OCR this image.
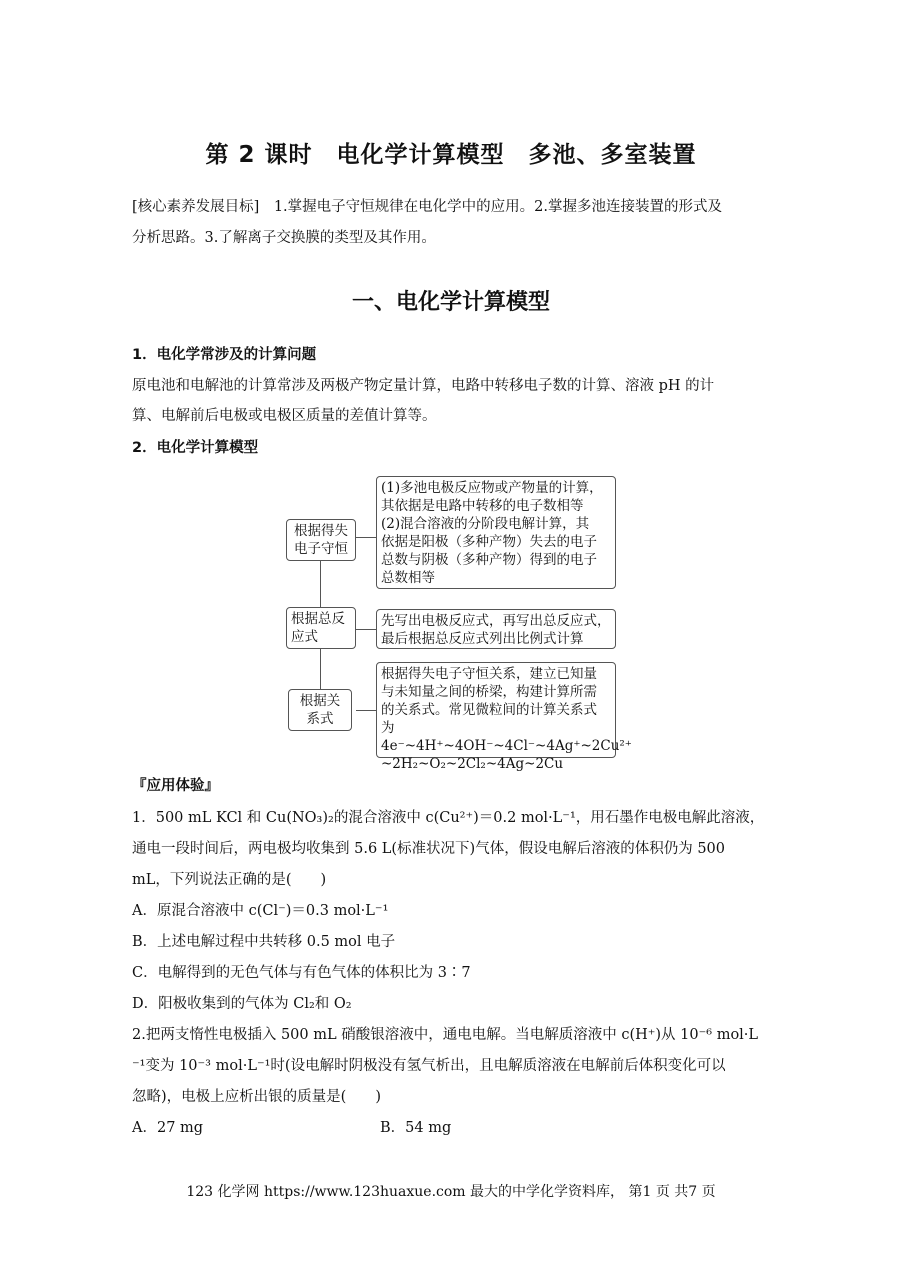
第 2 课时　电化学计算模型　多池、多室装置
[核心素养发展目标]　1.掌握电子守恒规律在电化学中的应用。2.掌握多池连接装置的形式及
分析思路。3.了解离子交换膜的类型及其作用。
一、电化学计算模型
1．电化学常涉及的计算问题
原电池和电解池的计算常涉及两极产物定量计算，电路中转移电子数的计算、溶液 pH 的计
算、电解前后电极或电极区质量的差值计算等。
2．电化学计算模型
根据得失
电子守恒
根据总反
应式
根据关
系式
(1)多池电极反应物或产物量的计算，
其依据是电路中转移的电子数相等
(2)混合溶液的分阶段电解计算，其
依据是阳极（多种产物）失去的电子
总数与阴极（多种产物）得到的电子
总数相等
先写出电极反应式，再写出总反应式，
最后根据总反应式列出比例式计算
根据得失电子守恒关系，建立已知量
与未知量之间的桥梁，构建计算所需
的关系式。常见微粒间的计算关系式
为4e⁻~4H⁺~4OH⁻~4Cl⁻~4Ag⁺~2Cu²⁺
~2H₂~O₂~2Cl₂~4Ag~2Cu
『应用体验』
1．500 mL KCl 和 Cu(NO₃)₂的混合溶液中 c(Cu²⁺)＝0.2 mol·L⁻¹，用石墨作电极电解此溶液，
通电一段时间后，两电极均收集到 5.6 L(标准状况下)气体，假设电解后溶液的体积仍为 500
mL，下列说法正确的是(　　)
A．原混合溶液中 c(Cl⁻)＝0.3 mol·L⁻¹
B．上述电解过程中共转移 0.5 mol 电子
C．电解得到的无色气体与有色气体的体积比为 3∶7
D．阳极收集到的气体为 Cl₂和 O₂
2.把两支惰性电极插入 500 mL 硝酸银溶液中，通电电解。当电解质溶液中 c(H⁺)从 10⁻⁶ mol·L
⁻¹变为 10⁻³ mol·L⁻¹时(设电解时阴极没有氢气析出，且电解质溶液在电解前后体积变化可以
忽略)，电极上应析出银的质量是(　　)
A．27 mg	B．54 mg
123 化学网 https://www.123huaxue.com 最大的中学化学资料库， 第1 页 共7 页
